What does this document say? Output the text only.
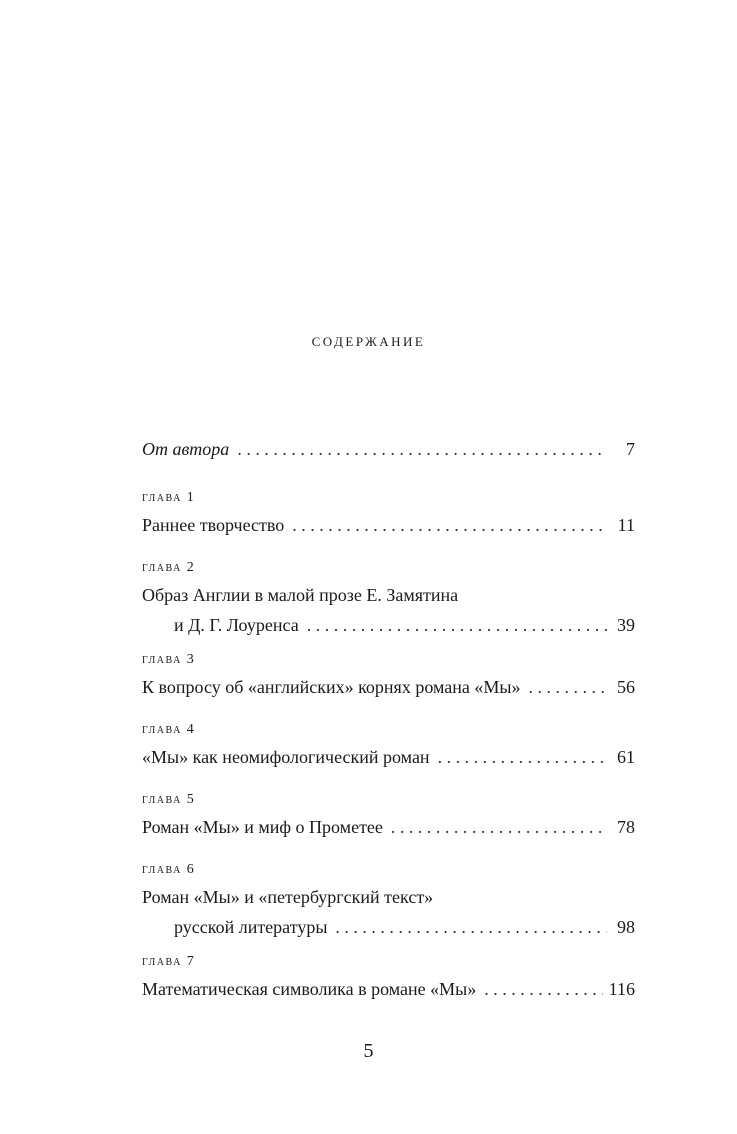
содержание
От автора . . .	7
глава 1
Раннее творчество . . .	11
глава 2
Образ Англии в малой прозе Е. Замятина
и Д. Г. Лоуренса . . .	39
глава 3
К вопросу об «английских» корнях романа «Мы» . . .	56
глава 4
«Мы» как неомифологический роман . . .	61
глава 5
Роман «Мы» и миф о Прометее . . .	78
глава 6
Роман «Мы» и «петербургский текст»
русской литературы . . .	98
глава 7
Математическая символика в романе «Мы» . . .	116
5
